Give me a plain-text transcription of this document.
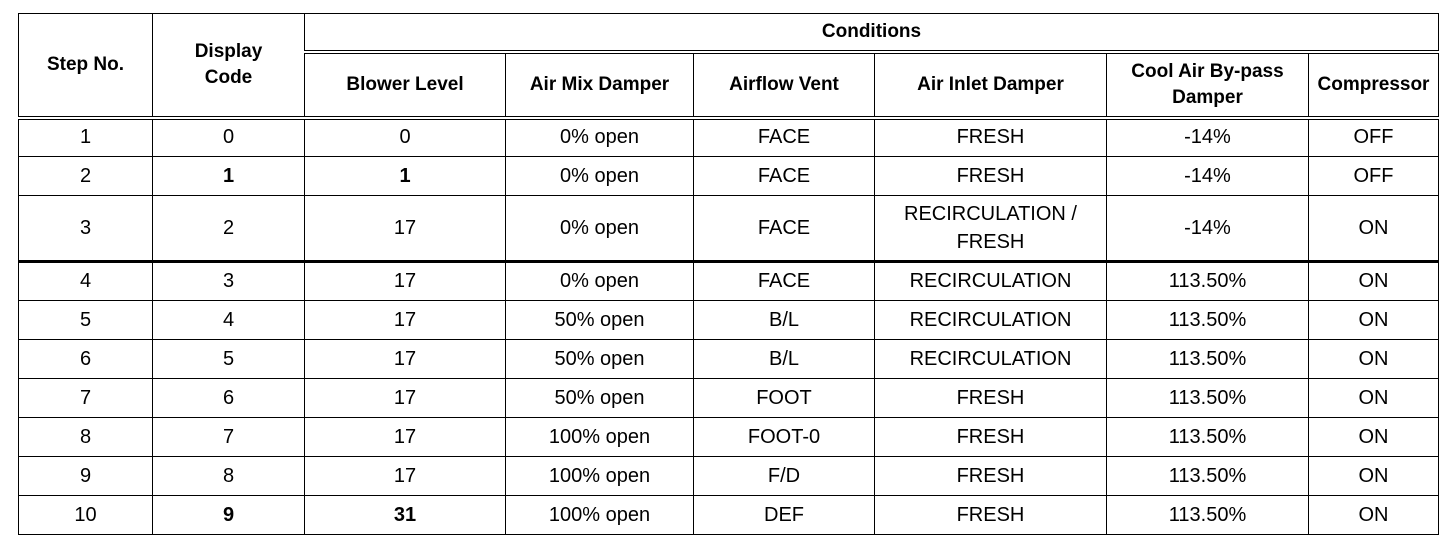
Step No.	Display Code	Conditions					
		Blower Level	Air Mix Damper	Airflow Vent	Air Inlet Damper	Cool Air By-pass Damper	Compressor
1	0	0	0% open	FACE	FRESH	-14%	OFF
2	1	1	0% open	FACE	FRESH	-14%	OFF
3	2	17	0% open	FACE	RECIRCULATION / FRESH	-14%	ON
4	3	17	0% open	FACE	RECIRCULATION	113.50%	ON
5	4	17	50% open	B/L	RECIRCULATION	113.50%	ON
6	5	17	50% open	B/L	RECIRCULATION	113.50%	ON
7	6	17	50% open	FOOT	FRESH	113.50%	ON
8	7	17	100% open	FOOT-0	FRESH	113.50%	ON
9	8	17	100% open	F/D	FRESH	113.50%	ON
10	9	31	100% open	DEF	FRESH	113.50%	ON
